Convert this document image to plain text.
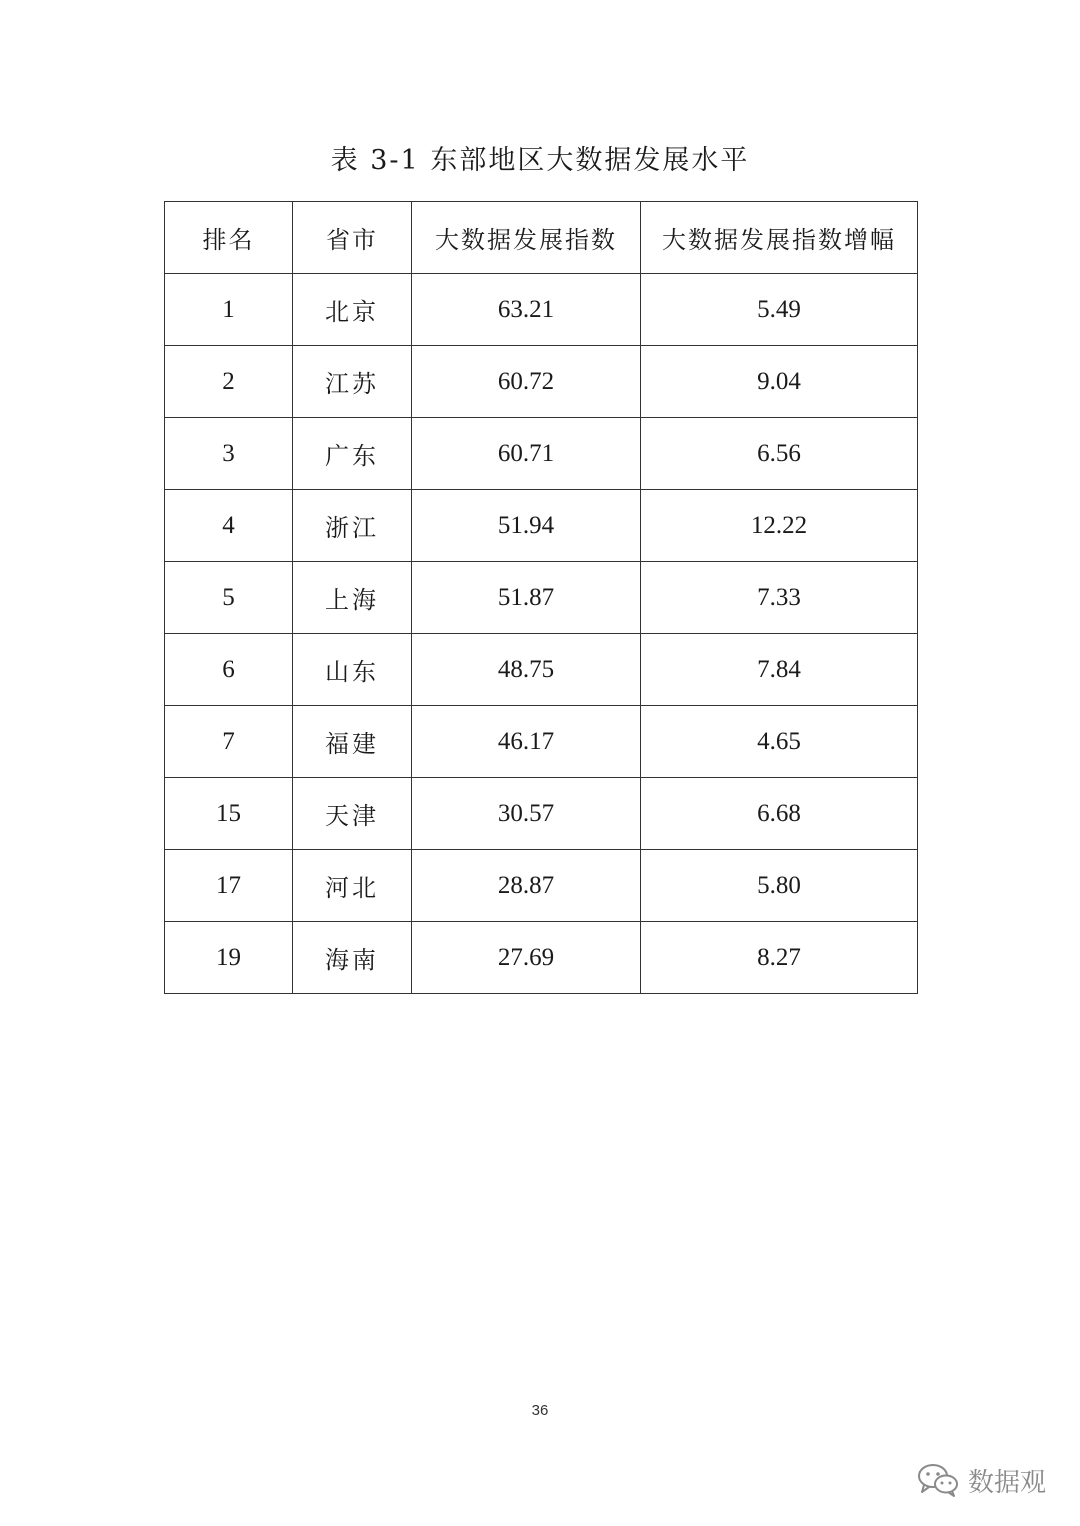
表 3-1 东部地区大数据发展水平
排名	省市	大数据发展指数	大数据发展指数增幅
1	北京	63.21	5.49
2	江苏	60.72	9.04
3	广东	60.71	6.56
4	浙江	51.94	12.22
5	上海	51.87	7.33
6	山东	48.75	7.84
7	福建	46.17	4.65
15	天津	30.57	6.68
17	河北	28.87	5.80
19	海南	27.69	8.27
36
数据观
